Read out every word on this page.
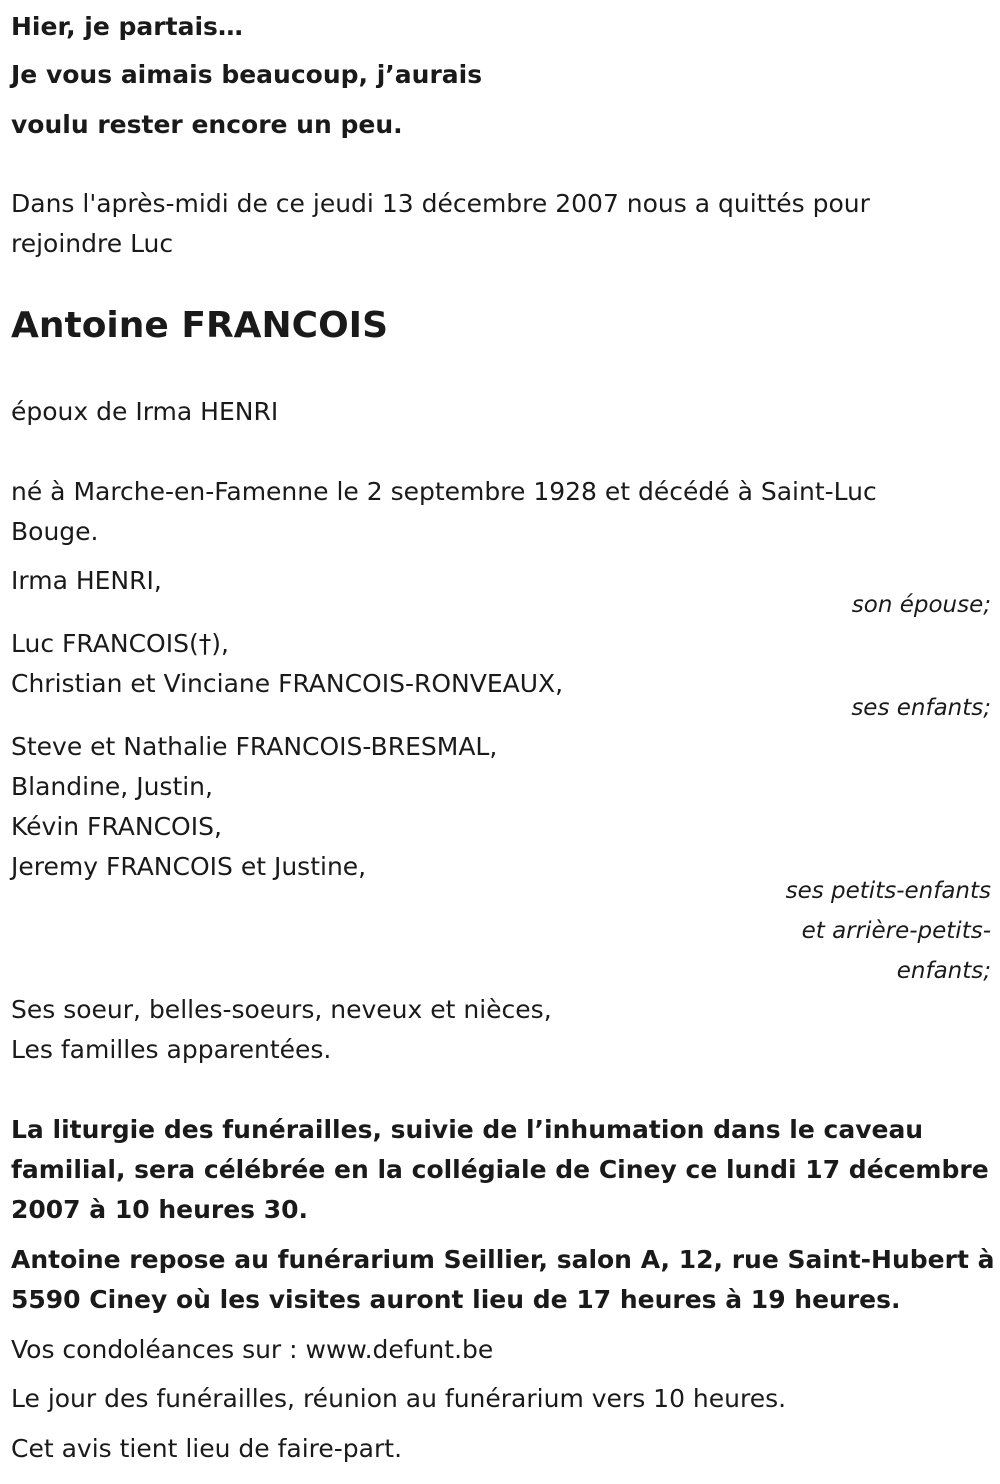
Hier, je partais…
Je vous aimais beaucoup, j’aurais
voulu rester encore un peu.
Dans l'après-midi de ce jeudi 13 décembre 2007 nous a quittés pour
rejoindre Luc
Antoine FRANCOIS
époux de Irma HENRI
né à Marche-en-Famenne le 2 septembre 1928 et décédé à Saint-Luc
Bouge.
Irma HENRI,
son épouse;
Luc FRANCOIS(†),
Christian et Vinciane FRANCOIS-RONVEAUX,
ses enfants;
Steve et Nathalie FRANCOIS-BRESMAL,
Blandine, Justin,
Kévin FRANCOIS,
Jeremy FRANCOIS et Justine,
ses petits-enfants
et arrière-petits-
enfants;
Ses soeur, belles-soeurs, neveux et nièces,
Les familles apparentées.
La liturgie des funérailles, suivie de l’inhumation dans le caveau
familial, sera célébrée en la collégiale de Ciney ce lundi 17 décembre
2007 à 10 heures 30.
Antoine repose au funérarium Seillier, salon A, 12, rue Saint-Hubert à
5590 Ciney où les visites auront lieu de 17 heures à 19 heures.
Vos condoléances sur : www.defunt.be
Le jour des funérailles, réunion au funérarium vers 10 heures.
Cet avis tient lieu de faire-part.
